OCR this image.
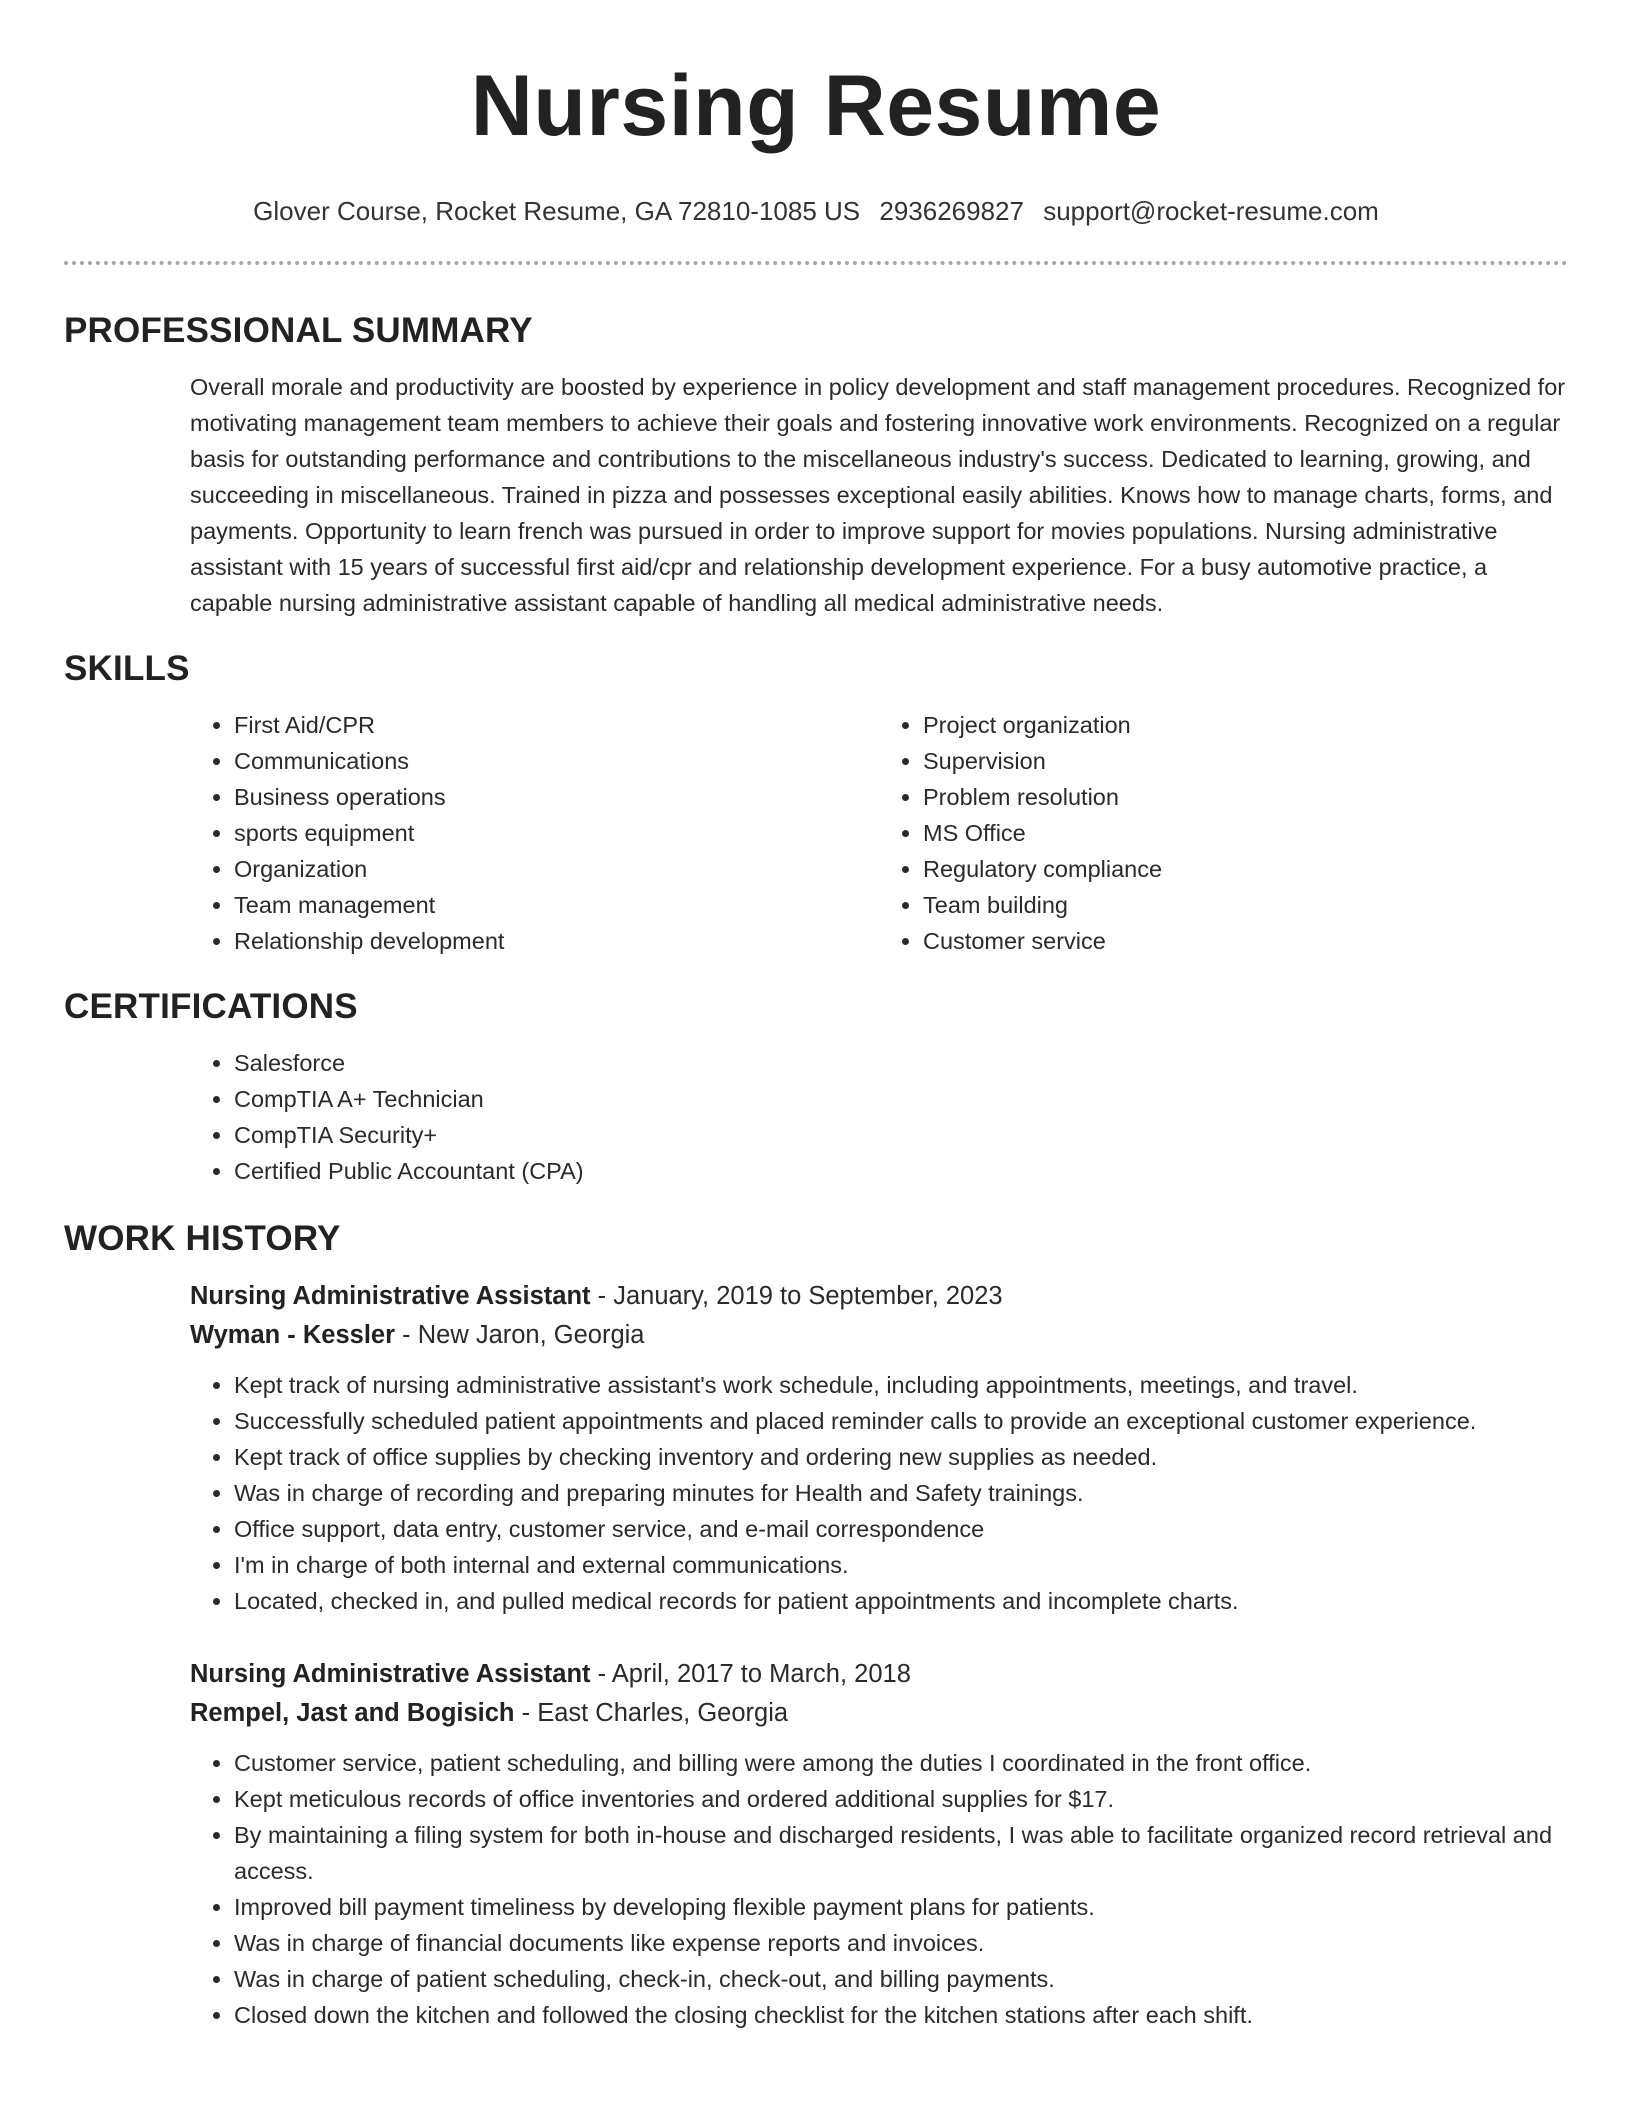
Nursing Resume
Glover Course, Rocket Resume, GA 72810-1085 US 2936269827 support@rocket-resume.com
PROFESSIONAL SUMMARY

Overall morale and productivity are boosted by experience in policy development and staff management procedures. Recognized for motivating management team members to achieve their goals and fostering innovative work environments. Recognized on a regular basis for outstanding performance and contributions to the miscellaneous industry's success. Dedicated to learning, growing, and succeeding in miscellaneous. Trained in pizza and possesses exceptional easily abilities. Knows how to manage charts, forms, and payments. Opportunity to learn french was pursued in order to improve support for movies populations. Nursing administrative assistant with 15 years of successful first aid/cpr and relationship development experience. For a busy automotive practice, a capable nursing administrative assistant capable of handling all medical administrative needs.

SKILLS
• First Aid/CPR
• Communications
• Business operations
• sports equipment
• Organization
• Team management
• Relationship development
• Project organization
• Supervision
• Problem resolution
• MS Office
• Regulatory compliance
• Team building
• Customer service
CERTIFICATIONS
• Salesforce
• CompTIA A+ Technician
• CompTIA Security+
• Certified Public Accountant (CPA)
WORK HISTORY
Nursing Administrative Assistant - January, 2019 to September, 2023
Wyman - Kessler - New Jaron, Georgia
• Kept track of nursing administrative assistant's work schedule, including appointments, meetings, and travel.
• Successfully scheduled patient appointments and placed reminder calls to provide an exceptional customer experience.
• Kept track of office supplies by checking inventory and ordering new supplies as needed.
• Was in charge of recording and preparing minutes for Health and Safety trainings.
• Office support, data entry, customer service, and e-mail correspondence
• I'm in charge of both internal and external communications.
• Located, checked in, and pulled medical records for patient appointments and incomplete charts.
Nursing Administrative Assistant - April, 2017 to March, 2018
Rempel, Jast and Bogisich - East Charles, Georgia
• Customer service, patient scheduling, and billing were among the duties I coordinated in the front office.
• Kept meticulous records of office inventories and ordered additional supplies for $17.
• By maintaining a filing system for both in-house and discharged residents, I was able to facilitate organized record retrieval and access.
• Improved bill payment timeliness by developing flexible payment plans for patients.
• Was in charge of financial documents like expense reports and invoices.
• Was in charge of patient scheduling, check-in, check-out, and billing payments.
• Closed down the kitchen and followed the closing checklist for the kitchen stations after each shift.
